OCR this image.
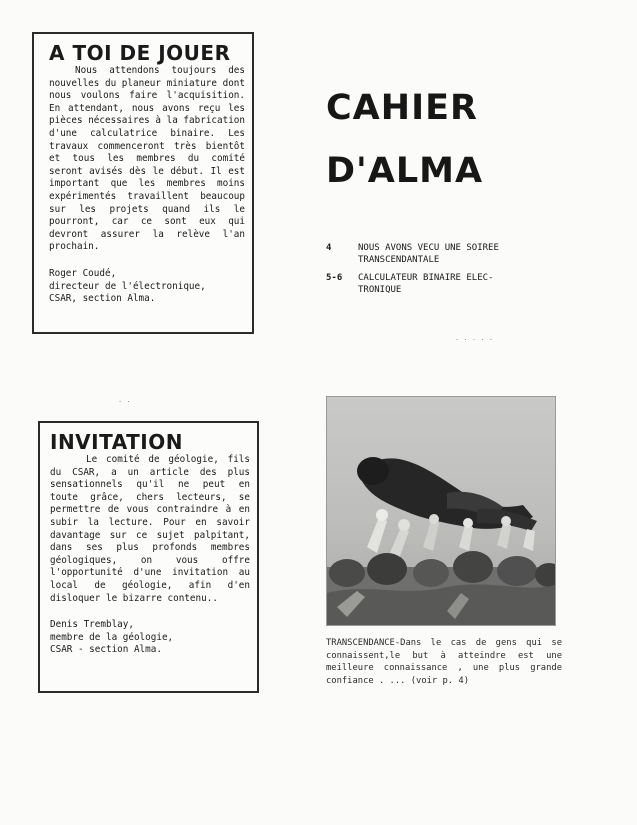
A TOI DE JOUER

Nous attendons toujours des nouvelles du planeur miniature dont nous voulons faire l'acquisition. En attendant, nous avons reçu les pièces nécessaires à la fabrication d'une calculatrice binaire. Les travaux commenceront très bientôt et tous les membres du comité seront avisés dès le début. Il est important que les membres moins expérimentés travaillent beaucoup sur les projets quand ils le pourront, car ce sont eux qui devront assurer la relève l'an prochain.

Roger Coudé,
directeur de l'électronique,
CSAR, section Alma.
CAHIER
D'ALMA
4	NOUS AVONS VECU UNE SOIREE
TRANSCENDANTALE
5-6	CALCULATEUR BINAIRE ELEC-
TRONIQUE
INVITATION

Le comité de géologie, fils du CSAR, a un article des plus sensationnels qu'il ne peut en toute grâce, chers lecteurs, se permettre de vous contraindre à en subir la lecture. Pour en savoir davantage sur ce sujet palpitant, dans ses plus profonds membres géologiques, on vous offre l'opportunité d'une invitation au local de géologie, afin d'en disloquer le bizarre contenu..

Denis Tremblay,
membre de la géologie,
CSAR - section Alma.
TRANSCENDANCE-Dans le cas de gens qui se connaissent,le but à atteindre est une meilleure connaissance , une plus grande confiance . ... (voir p. 4)
. . . . .
. .
